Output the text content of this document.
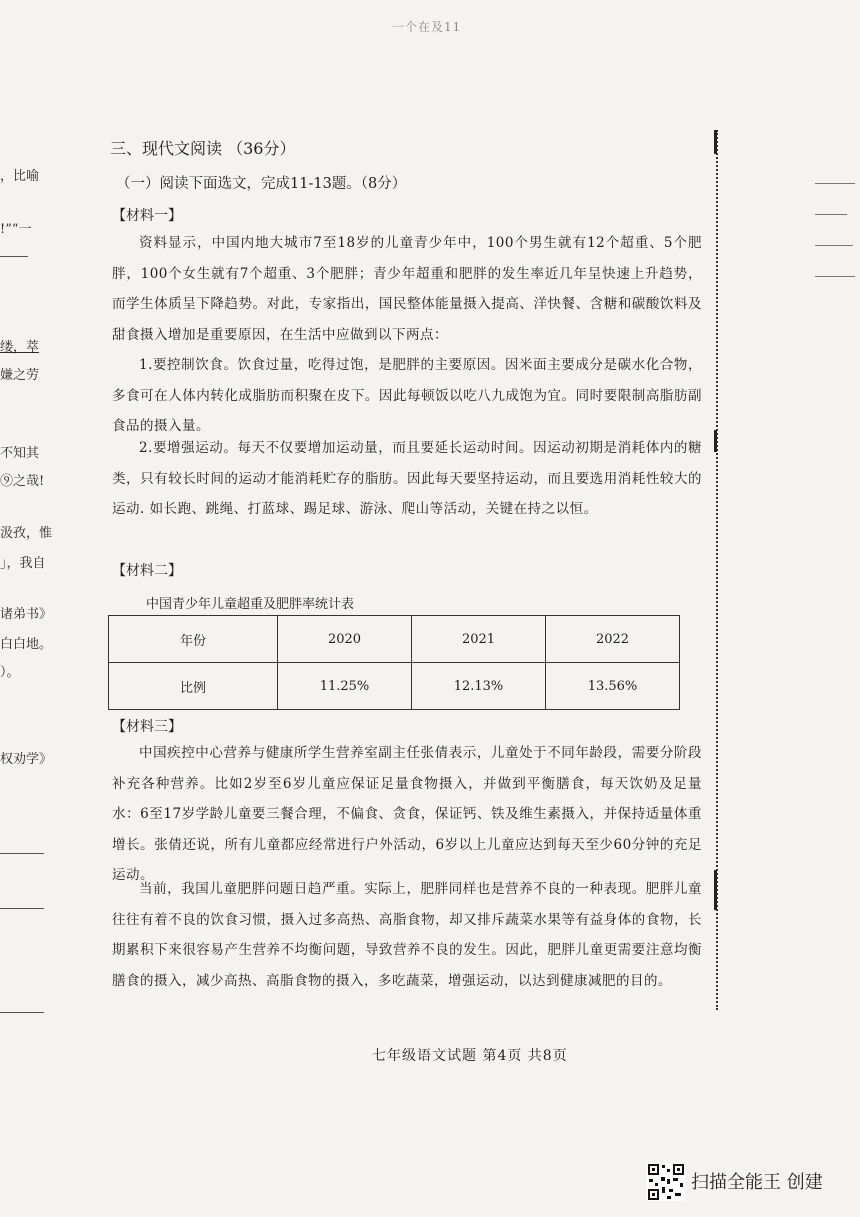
一个在及11
，比喻
!”“一
缕，萃
嫌之劳
不知其
⑨之哉!
汲孜，惟
」，我自
诸弟书》
白白地。
）。
权劝学》
三、现代文阅读 （36分）
（一）阅读下面选文，完成11-13题。（8分）
【材料一】

资料显示，中国内地大城市7至18岁的儿童青少年中，100个男生就有12个超重、5个肥胖，100个女生就有7个超重、3个肥胖；青少年超重和肥胖的发生率近几年呈快速上升趋势，而学生体质呈下降趋势。对此，专家指出，国民整体能量摄入提高、洋快餐、含糖和碳酸饮料及甜食摄入增加是重要原因，在生活中应做到以下两点：

1.要控制饮食。饮食过量，吃得过饱，是肥胖的主要原因。因米面主要成分是碳水化合物，多食可在人体内转化成脂肪而积聚在皮下。因此每顿饭以吃八九成饱为宜。同时要限制高脂肪副食品的摄入量。

2.要增强运动。每天不仅要增加运动量，而且要延长运动时间。因运动初期是消耗体内的糖类，只有较长时间的运动才能消耗贮存的脂肪。因此每天要坚持运动，而且要选用消耗性较大的运动. 如长跑、跳绳、打蓝球、踢足球、游泳、爬山等活动，关键在持之以恒。

【材料二】
中国青少年儿童超重及肥胖率统计表
年份	2020	2021	2022
比例	11.25%	12.13%	13.56%
【材料三】

中国疾控中心营养与健康所学生营养室副主任张倩表示，儿童处于不同年龄段，需要分阶段补充各种营养。比如2岁至6岁儿童应保证足量食物摄入，并做到平衡膳食，每天饮奶及足量水：6至17岁学龄儿童要三餐合理，不偏食、贪食，保证钙、铁及维生素摄入，并保持适量体重增长。张倩还说，所有儿童都应经常进行户外活动，6岁以上儿童应达到每天至少60分钟的充足运动。

当前，我国儿童肥胖问题日趋严重。实际上，肥胖同样也是营养不良的一种表现。肥胖儿童往往有着不良的饮食习惯，摄入过多高热、高脂食物，却又排斥蔬菜水果等有益身体的食物，长期累积下来很容易产生营养不均衡问题，导致营养不良的发生。因此，肥胖儿童更需要注意均衡膳食的摄入，减少高热、高脂食物的摄入，多吃蔬菜，增强运动，以达到健康减肥的目的。

七年级语文试题 第4页 共8页
扫描全能王 创建
